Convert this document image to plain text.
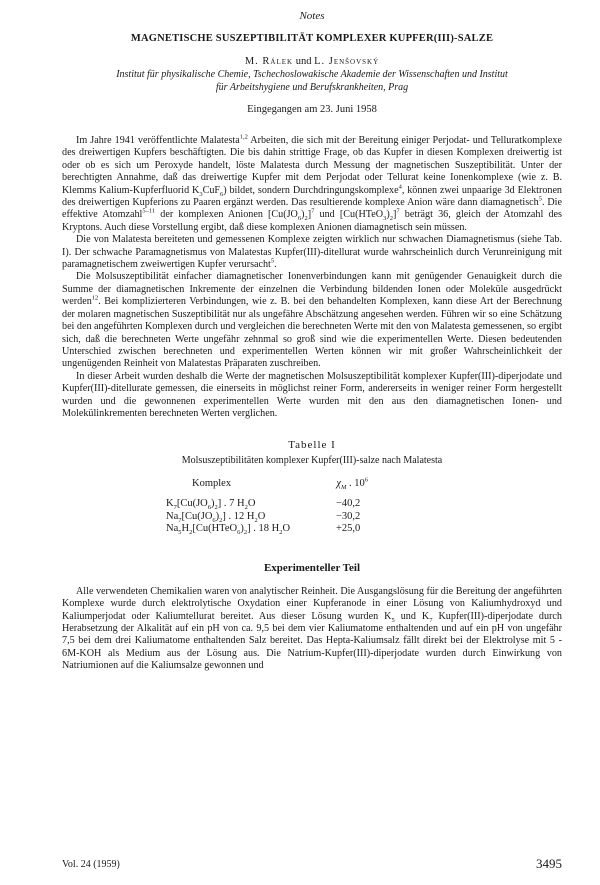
Notes
MAGNETISCHE SUSZEPTIBILITÄT KOMPLEXER KUPFER(III)-SALZE
M. Rálek und L. Jenšovský
Institut für physikalische Chemie, Tschechoslowakische Akademie der Wissenschaften und Institut
für Arbeitshygiene und Berufskrankheiten, Prag
Eingegangen am 23. Juni 1958

Im Jahre 1941 veröffentlichte Malatesta$^{1,2}$ Arbeiten, die sich mit der Bereitung einiger Perjodat- und Telluratkomplexe des dreiwertigen Kupfers beschäftigten. Die bis dahin strittige Frage, ob das Kupfer in diesen Komplexen dreiwertig ist oder ob es sich um Peroxyde handelt, löste Malatesta durch Messung der magnetischen Suszeptibilität. Unter der berechtigten Annahme, daß das dreiwertige Kupfer mit dem Perjodat oder Tellurat keine Ionenkomplexe (wie z. B. Klemms Kalium-Kupferfluorid $K_3CuF_6$) bildet, sondern Durchdringungskomplexe$^4$, können zwei unpaarige 3d Elektronen des dreiwertigen Kupferions zu Paaren ergänzt werden. Das resultierende komplexe Anion wäre dann diamagnetisch$^5$. Die effektive Atomzahl$^{5-11}$ der komplexen Anionen $[Cu(JO_6)_2]^7$ und $[Cu(HTeO_3)_2]^7$ beträgt 36, gleich der Atomzahl des Kryptons. Auch diese Vorstellung ergibt, daß diese komplexen Anionen diamagnetisch sein müssen.

Die von Malatesta bereiteten und gemessenen Komplexe zeigten wirklich nur schwachen Diamagnetismus (siehe Tab. I). Der schwache Paramagnetismus von Malatestas Kupfer(III)-ditellurat wurde wahrscheinlich durch Verunreinigung mit paramagnetischem zweiwertigen Kupfer verursacht$^5$.

Die Molsuszeptibilität einfacher diamagnetischer Ionenverbindungen kann mit genügender Genauigkeit durch die Summe der diamagnetischen Inkremente der einzelnen die Verbindung bildenden Ionen oder Moleküle ausgedrückt werden$^{12}$. Bei komplizierteren Verbindungen, wie z. B. bei den behandelten Komplexen, kann diese Art der Berechnung der molaren magnetischen Suszeptibilität nur als ungefähre Abschätzung angesehen werden. Führen wir so eine Schätzung bei den angeführten Komplexen durch und vergleichen die berechneten Werte mit den von Malatesta gemessenen, so ergibt sich, daß die berechneten Werte ungefähr zehnmal so groß sind wie die experimentellen Werte. Diesen bedeutenden Unterschied zwischen berechneten und experimentellen Werten können wir mit großer Wahrscheinlichkeit der ungenügenden Reinheit von Malatestas Präparaten zuschreiben.

In dieser Arbeit wurden deshalb die Werte der magnetischen Molsuszeptibilität komplexer Kupfer(III)-diperjodate und Kupfer(III)-ditellurate gemessen, die einerseits in möglichst reiner Form, andererseits in weniger reiner Form hergestellt wurden und die gewonnenen experimentellen Werte wurden mit den aus den diamagnetischen Ionen- und Molekülinkrementen berechneten Werten verglichen.

Tabelle I
Molsuszeptibilitäten komplexer Kupfer(III)-salze nach Malatesta
Komplex	$\chi_M$ . $10^6$
$K_7[Cu(JO_6)_2]$ . 7 $H_2O$	−40,2
$Na_7[Cu(JO_6)_2]$ . 12 $H_2O$	−30,2
$Na_5H_2[Cu(HTeO_6)_2]$ . 18 $H_2O$	+25,0
Experimenteller Teil

Alle verwendeten Chemikalien waren von analytischer Reinheit. Die Ausgangslösung für die Bereitung der angeführten Komplexe wurde durch elektrolytische Oxydation einer Kupferanode in einer Lösung von Kaliumhydroxyd und Kaliumperjodat oder Kaliumtellurat bereitet. Aus dieser Lösung wurden $K_5$ und $K_7$ Kupfer(III)-diperjodate durch Herabsetzung der Alkalität auf ein pH von ca. 9,5 bei dem vier Kaliumatome enthaltenden und auf ein pH von ungefähr 7,5 bei dem drei Kaliumatome enthaltenden Salz bereitet. Das Hepta-Kaliumsalz fällt direkt bei der Elektrolyse mit 5 - 6M-KOH als Medium aus der Lösung aus. Die Natrium-Kupfer(III)-diperjodate wurden durch Einwirkung von Natriumionen auf die Kaliumsalze gewonnen und

Vol. 24 (1959)	3495
